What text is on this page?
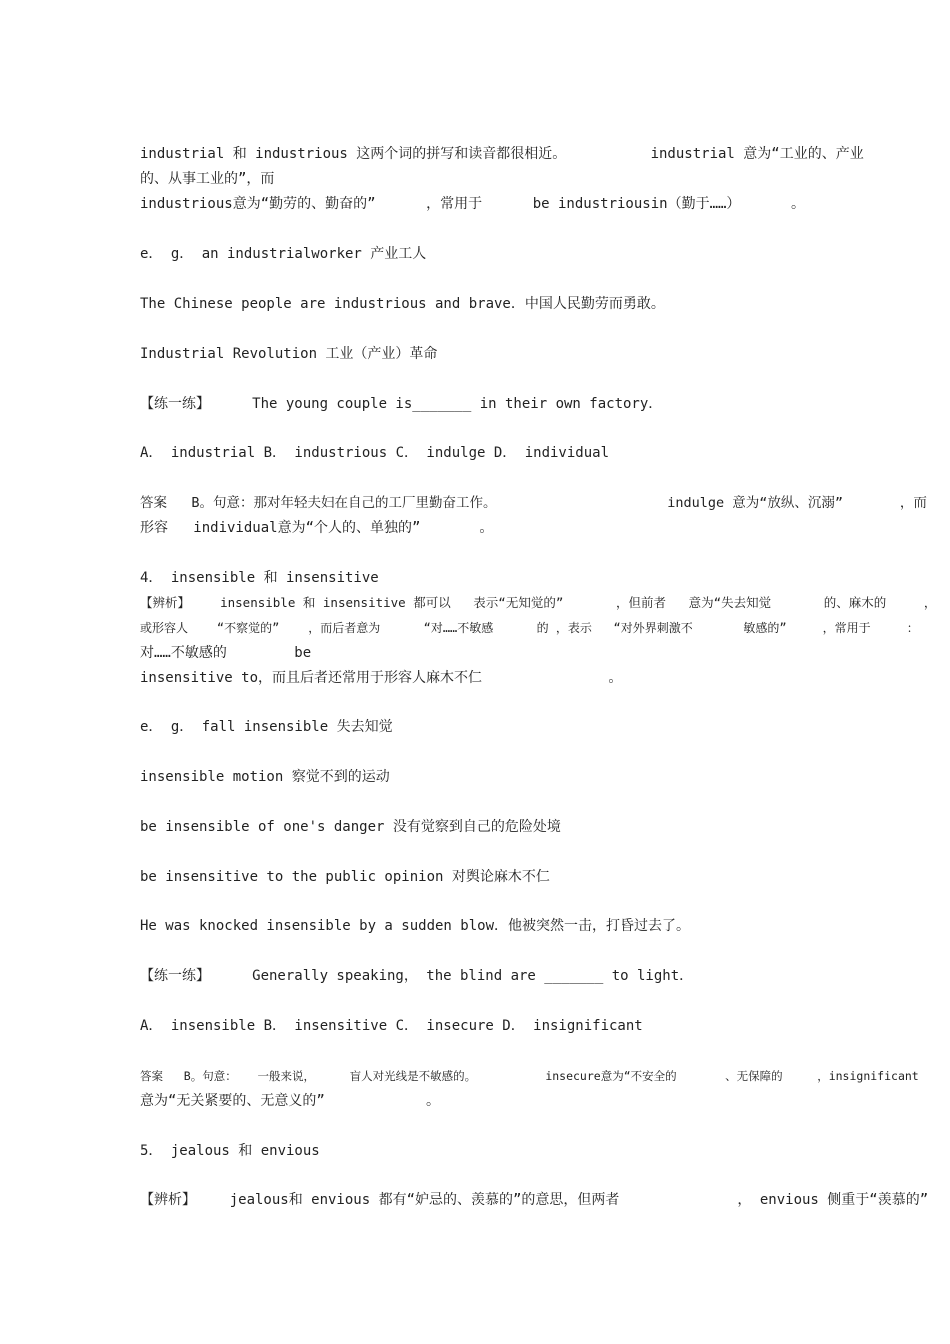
industrial 和 industrious 这两个词的拼写和读音都很相近。          industrial 意为“工业的、产业
的、从事工业的”，而
industrious意为“勤劳的、勤奋的”      ，常用于      be industriousin（勤于……）      。
e． g． an industrialworker 产业工人
The Chinese people are industrious and brave．中国人民勤劳而勇敢。
Industrial Revolution 工业（产业）革命
【练一练】     The young couple is_______ in their own factory．
A． industrial B． industrious C． indulge D． individual
答案   B。句意：那对年轻夫妇在自己的工厂里勤奋工作。                     indulge 意为“放纵、沉溺”       ，而
形容   individual意为“个人的、单独的”       。
4． insensible 和 insensitive
【辨析】    insensible 和 insensitive 都可以   表示“无知觉的”       ，但前者   意为“失去知觉       的、麻木的     ，
或形容人    “不察觉的”    ，而后者意为      “对……不敏感      的 ，表示   “对外界刺激不       敏感的”     ，常用于     ：
对……不敏感的        be
insensitive to，而且后者还常用于形容人麻木不仁               。
e． g． fall insensible 失去知觉
insensible motion 察觉不到的运动
be insensible of one's danger 没有觉察到自己的危险处境
be insensitive to the public opinion 对舆论麻木不仁
He was knocked insensible by a sudden blow．他被突然一击，打昏过去了。
【练一练】     Generally speaking， the blind are _______ to light．
A． insensible B． insensitive C． insecure D． insignificant
答案   B。句意：   一般来说，     盲人对光线是不敏感的。          insecure意为“不安全的       、无保障的     ，insignificant
意为“无关紧要的、无意义的”            。
5． jealous 和 envious
【辨析】    jealous和 envious 都有“妒忌的、羡慕的”的意思，但两者              ， envious 侧重于“羡慕的”
